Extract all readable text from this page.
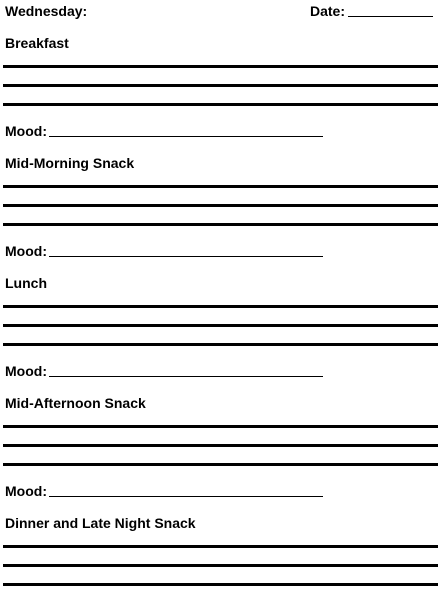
Wednesday:	Date:
Breakfast
Mood:
Mid-Morning Snack
Mood:
Lunch
Mood:
Mid-Afternoon Snack
Mood:
Dinner and Late Night Snack
